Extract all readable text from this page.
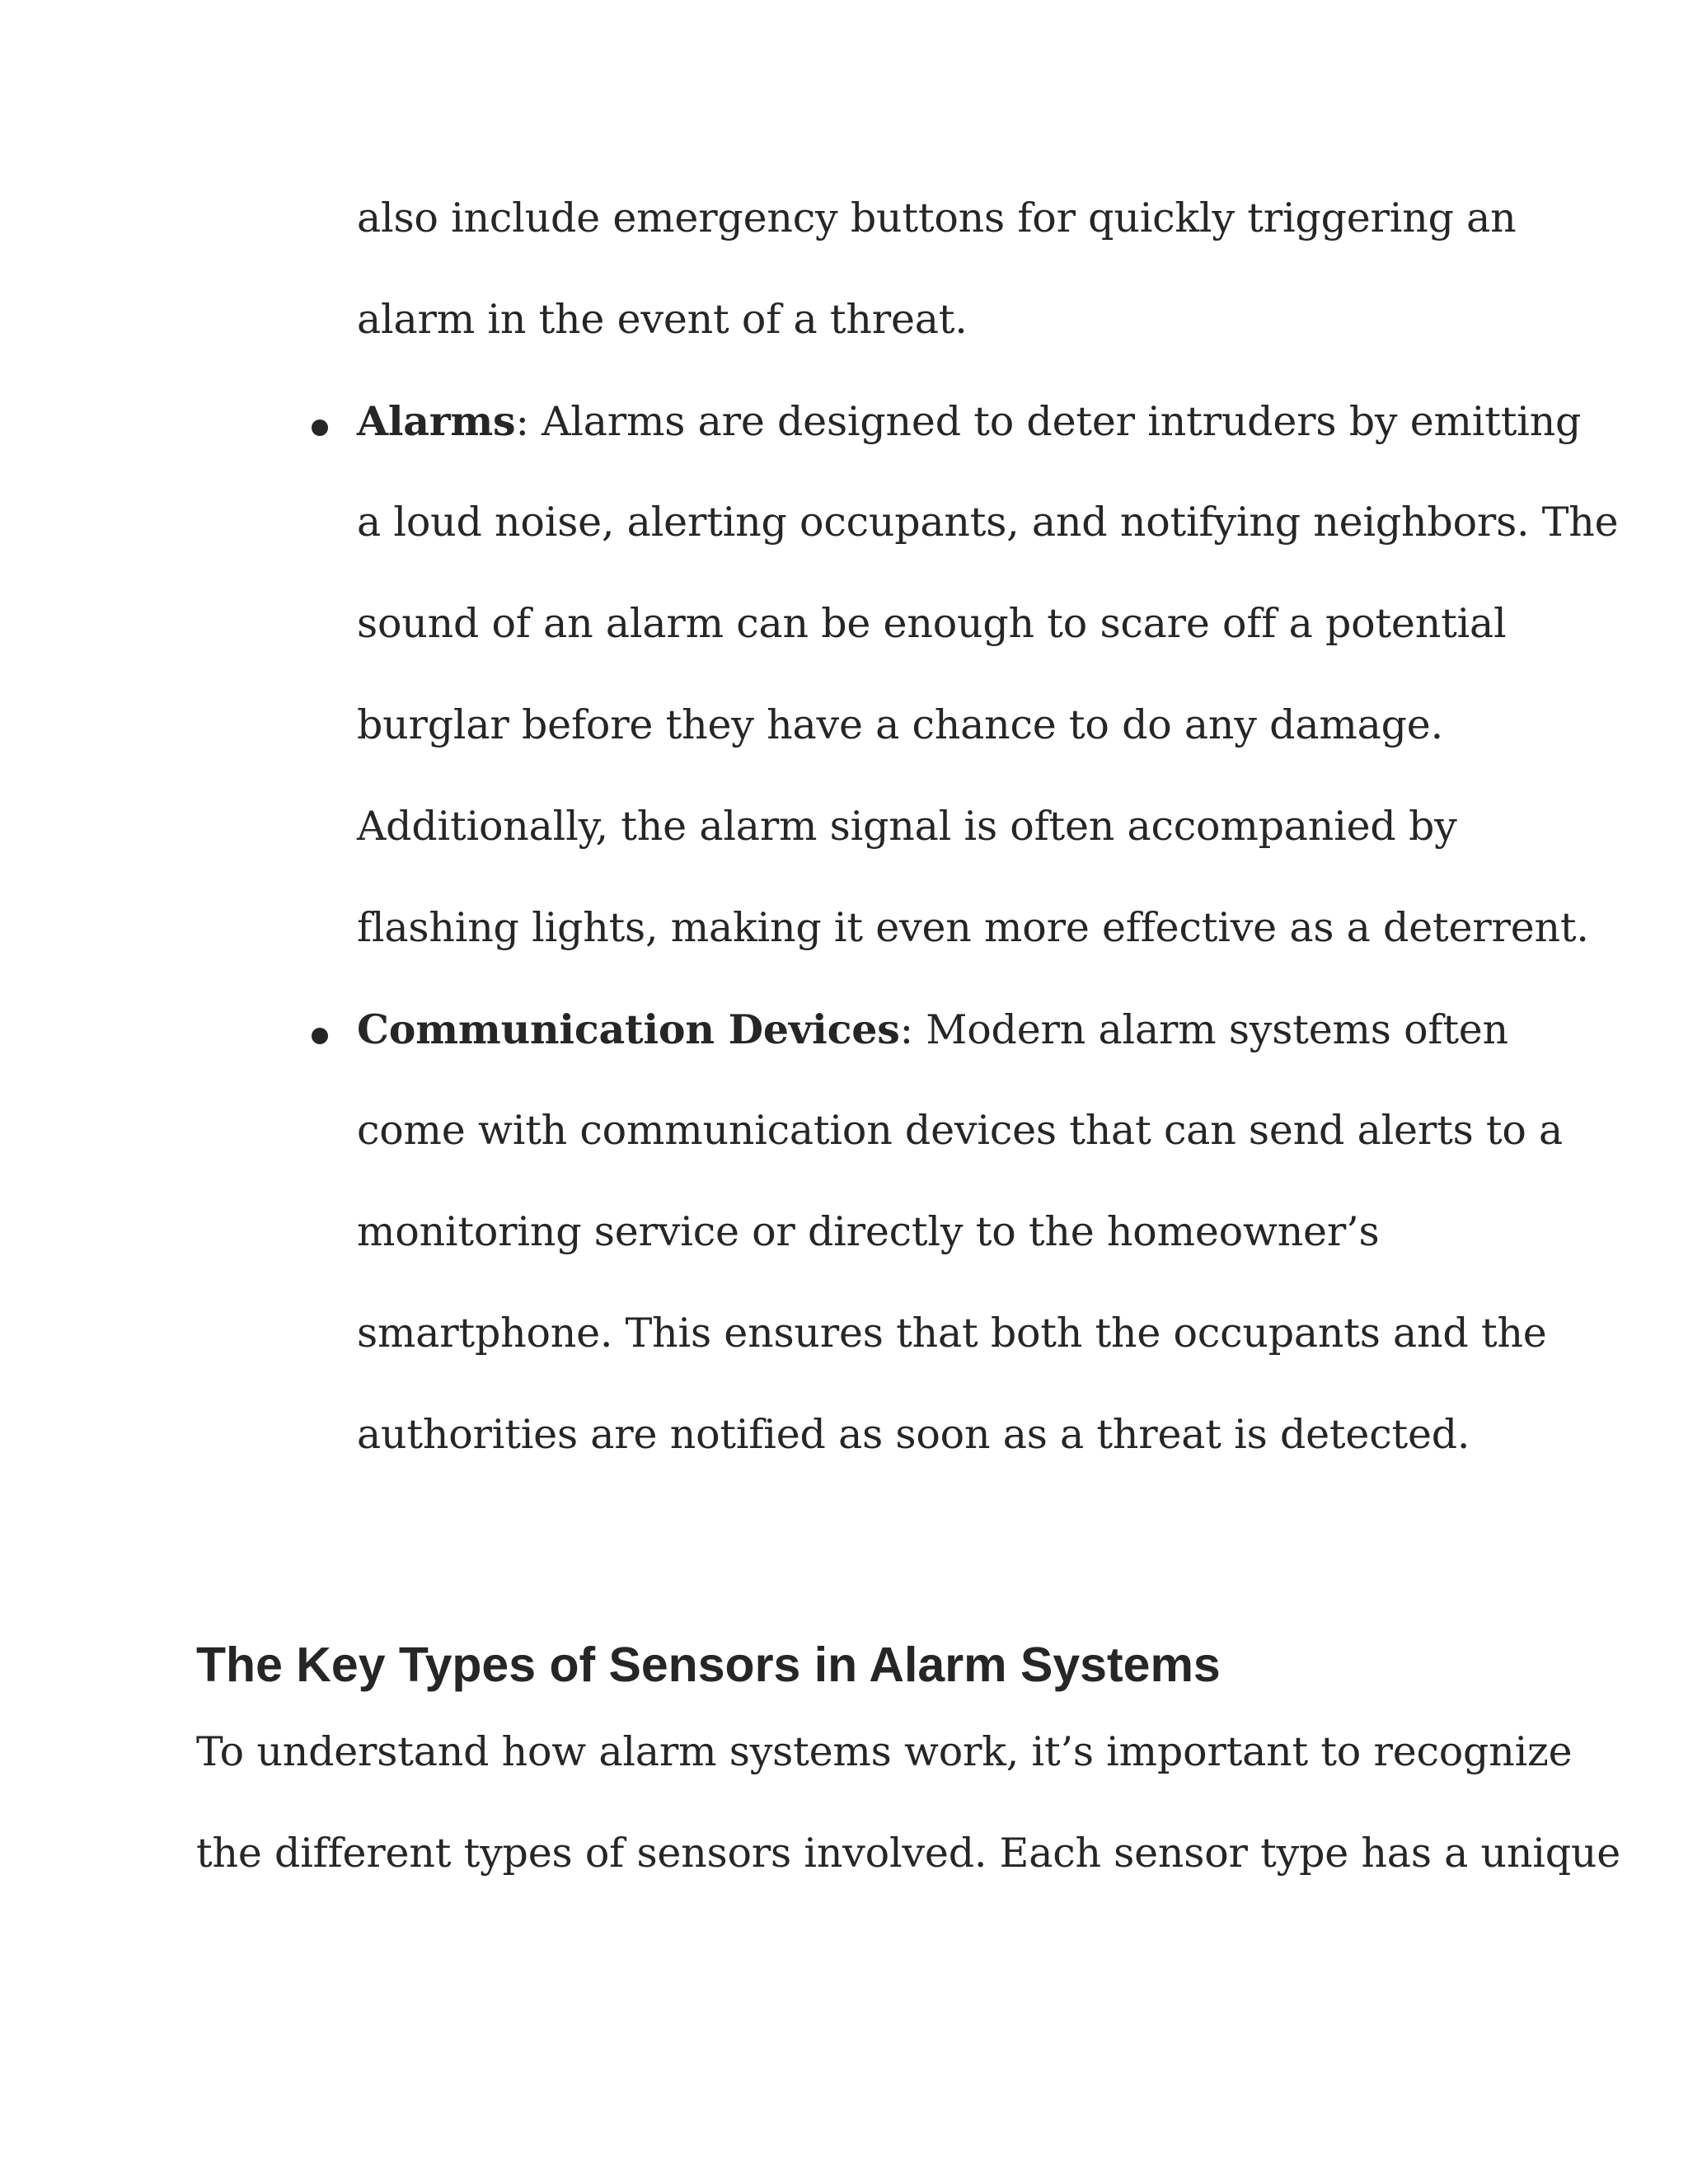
also include emergency buttons for quickly triggering an
alarm in the event of a threat.
Alarms: Alarms are designed to deter intruders by emitting
a loud noise, alerting occupants, and notifying neighbors. The
sound of an alarm can be enough to scare off a potential
burglar before they have a chance to do any damage.
Additionally, the alarm signal is often accompanied by
flashing lights, making it even more effective as a deterrent.
Communication Devices: Modern alarm systems often
come with communication devices that can send alerts to a
monitoring service or directly to the homeowner’s
smartphone. This ensures that both the occupants and the
authorities are notified as soon as a threat is detected.
The Key Types of Sensors in Alarm Systems
To understand how alarm systems work, it’s important to recognize
the different types of sensors involved. Each sensor type has a unique
